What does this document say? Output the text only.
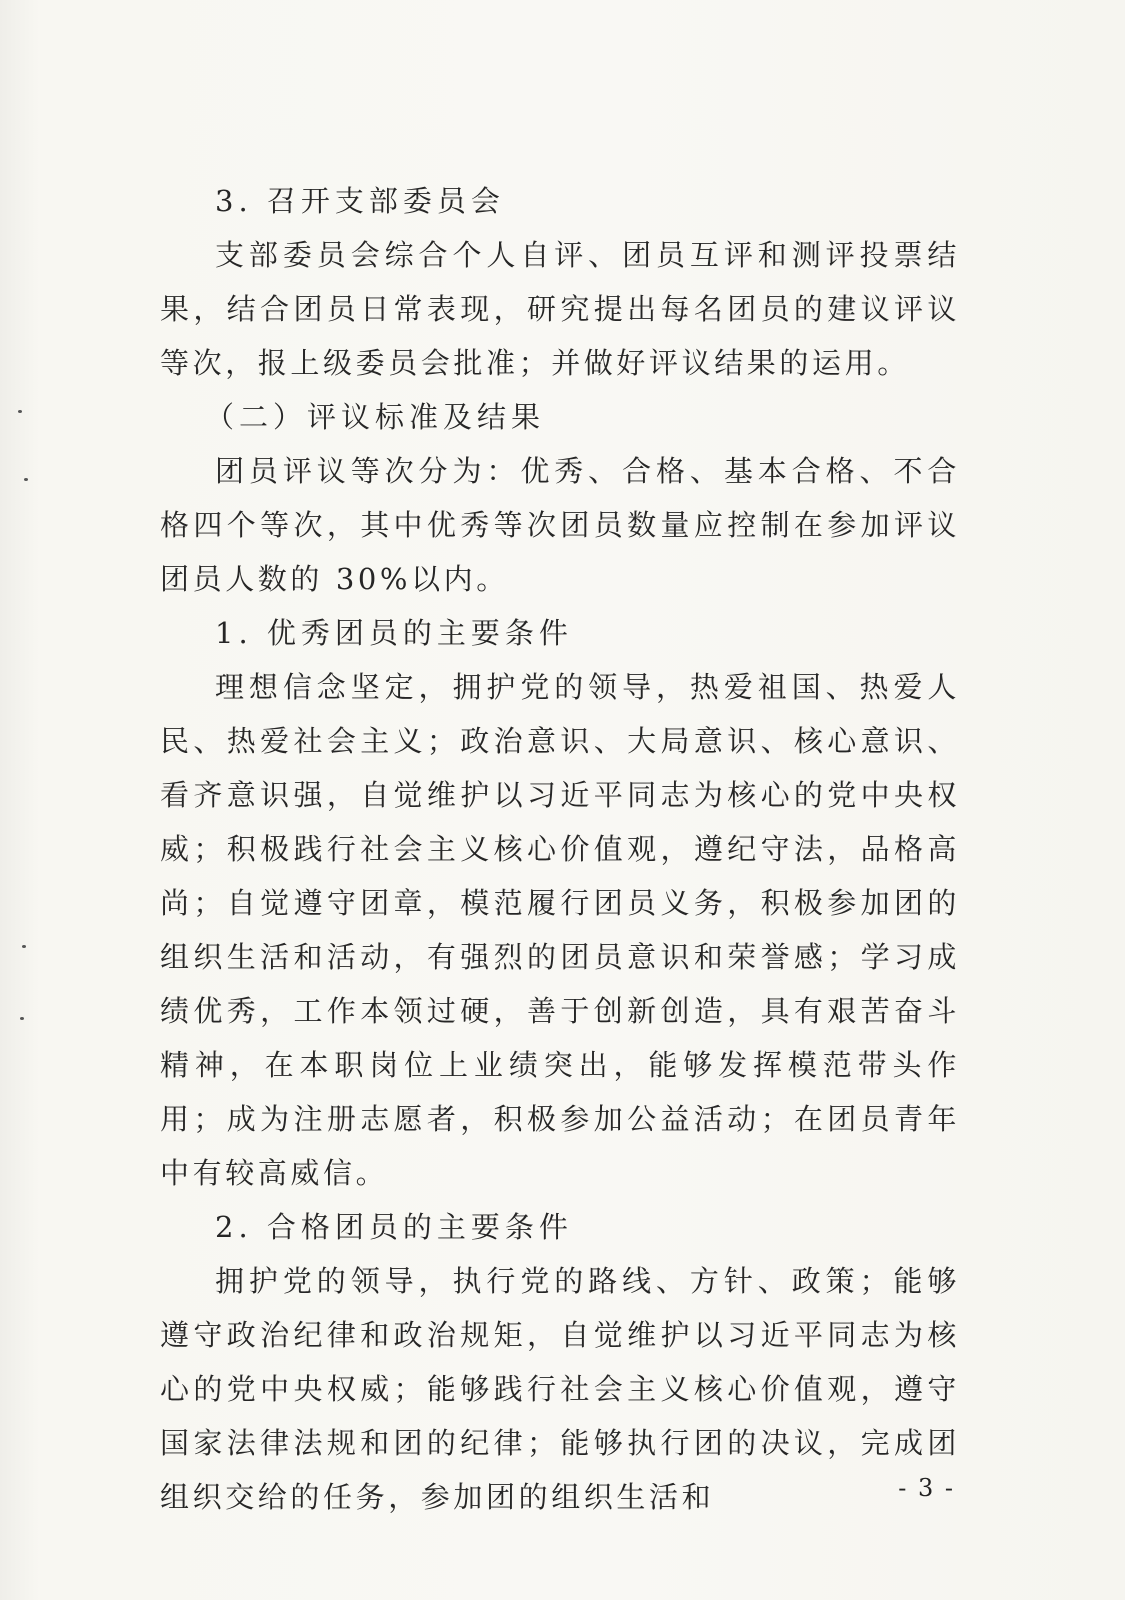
3. 召开支部委员会

支部委员会综合个人自评、团员互评和测评投票结果，结合团员日常表现，研究提出每名团员的建议评议等次，报上级委员会批准；并做好评议结果的运用。

（二）评议标准及结果

团员评议等次分为：优秀、合格、基本合格、不合格四个等次，其中优秀等次团员数量应控制在参加评议团员人数的 30%以内。

1. 优秀团员的主要条件

理想信念坚定，拥护党的领导，热爱祖国、热爱人民、热爱社会主义；政治意识、大局意识、核心意识、看齐意识强，自觉维护以习近平同志为核心的党中央权威；积极践行社会主义核心价值观，遵纪守法，品格高尚；自觉遵守团章，模范履行团员义务，积极参加团的组织生活和活动，有强烈的团员意识和荣誉感；学习成绩优秀，工作本领过硬，善于创新创造，具有艰苦奋斗精神，在本职岗位上业绩突出，能够发挥模范带头作用；成为注册志愿者，积极参加公益活动；在团员青年中有较高威信。

2. 合格团员的主要条件

拥护党的领导，执行党的路线、方针、政策；能够遵守政治纪律和政治规矩，自觉维护以习近平同志为核心的党中央权威；能够践行社会主义核心价值观，遵守国家法律法规和团的纪律；能够执行团的决议，完成团组织交给的任务，参加团的组织生活和	- 3 -
